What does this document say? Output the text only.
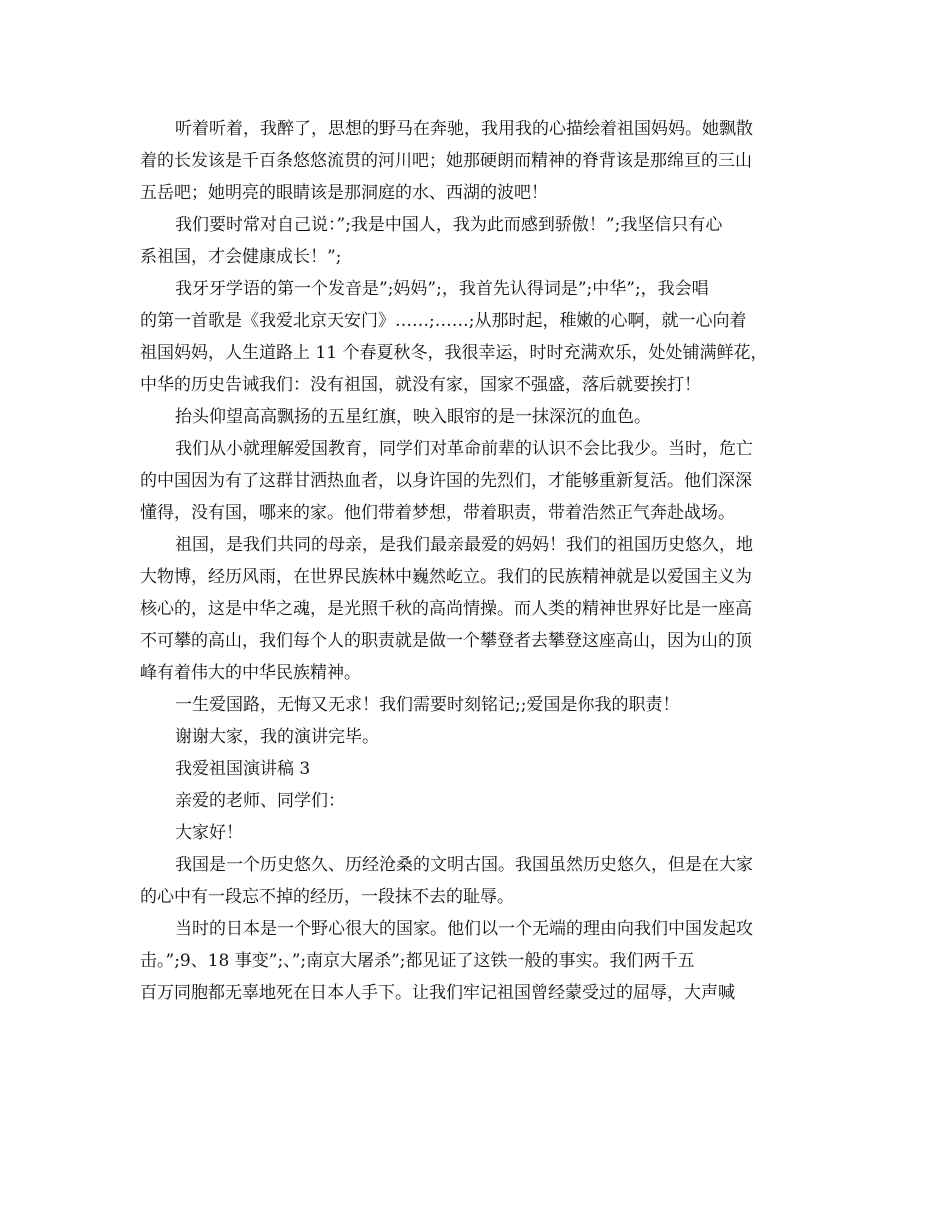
听着听着，我醉了，思想的野马在奔驰，我用我的心描绘着祖国妈妈。她飘散
着的长发该是千百条悠悠流贯的河川吧；她那硬朗而精神的脊背该是那绵亘的三山
五岳吧；她明亮的眼睛该是那洞庭的水、西湖的波吧！
我们要时常对自己说：”;我是中国人，我为此而感到骄傲！”;我坚信只有心
系祖国，才会健康成长！”;
我牙牙学语的第一个发音是”;妈妈”;，我首先认得词是”;中华”;，我会唱
的第一首歌是《我爱北京天安门》……;……;从那时起，稚嫩的心啊，就一心向着
祖国妈妈，人生道路上 11 个春夏秋冬，我很幸运，时时充满欢乐，处处铺满鲜花，
中华的历史告诫我们：没有祖国，就没有家，国家不强盛，落后就要挨打！
抬头仰望高高飘扬的五星红旗，映入眼帘的是一抹深沉的血色。
我们从小就理解爱国教育，同学们对革命前辈的认识不会比我少。当时，危亡
的中国因为有了这群甘洒热血者，以身许国的先烈们，才能够重新复活。他们深深
懂得，没有国，哪来的家。他们带着梦想，带着职责，带着浩然正气奔赴战场。
祖国，是我们共同的母亲，是我们最亲最爱的妈妈！我们的祖国历史悠久，地
大物博，经历风雨，在世界民族林中巍然屹立。我们的民族精神就是以爱国主义为
核心的，这是中华之魂，是光照千秋的高尚情操。而人类的精神世界好比是一座高
不可攀的高山，我们每个人的职责就是做一个攀登者去攀登这座高山，因为山的顶
峰有着伟大的中华民族精神。
一生爱国路，无悔又无求！我们需要时刻铭记;;爱国是你我的职责！
谢谢大家，我的演讲完毕。
我爱祖国演讲稿 3
亲爱的老师、同学们：
大家好！
我国是一个历史悠久、历经沧桑的文明古国。我国虽然历史悠久，但是在大家
的心中有一段忘不掉的经历，一段抹不去的耻辱。
当时的日本是一个野心很大的国家。他们以一个无端的理由向我们中国发起攻
击。”;9、18 事变”;、”;南京大屠杀”;都见证了这铁一般的事实。我们两千五
百万同胞都无辜地死在日本人手下。让我们牢记祖国曾经蒙受过的屈辱，大声喊
